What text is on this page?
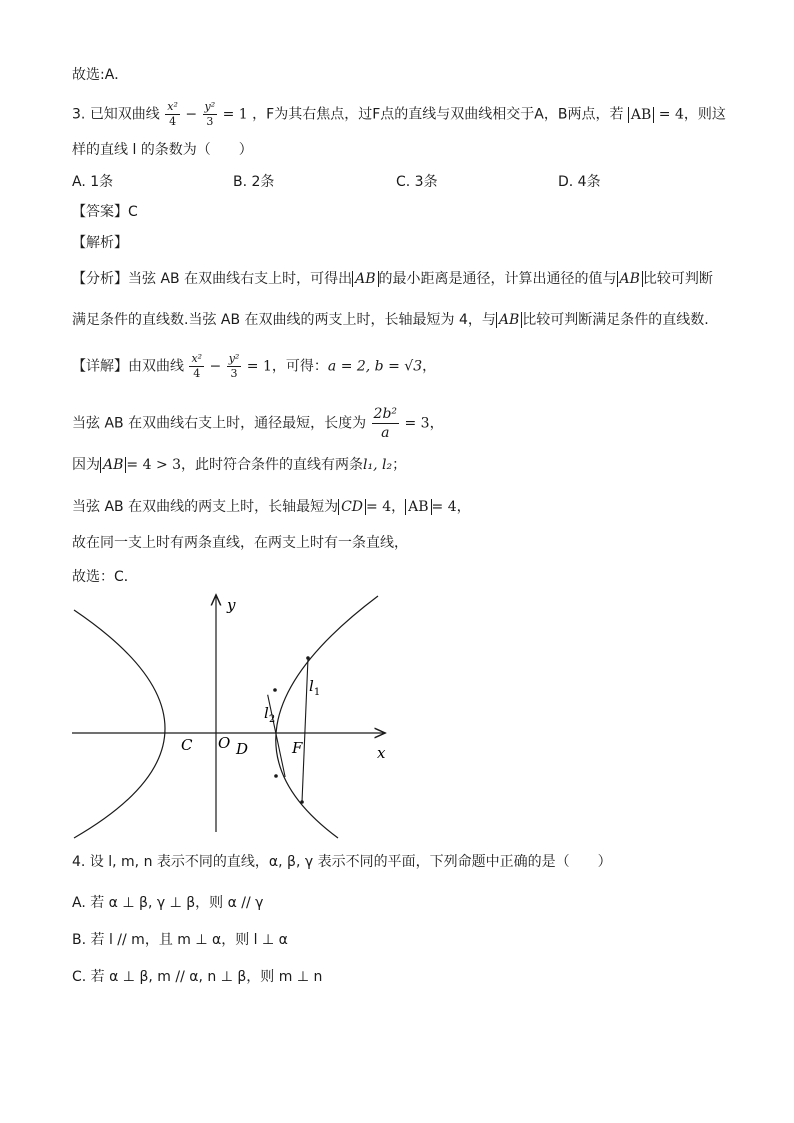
故选:A．
3. 已知双曲线 $\frac{\text{x²}}{4} - \frac{\text{y²}}{3} = 1$ ，F为其右焦点，过F点的直线与双曲线相交于A，B两点，若 AB = 4，则这
样的直线 l 的条数为（　　）
A. 1条	B. 2条	C. 3条	D. 4条
【答案】C
【解析】
【分析】当弦 AB 在双曲线右支上时，可得出 AB 的最小距离是通径，计算出通径的值与 AB 比较可判断
满足条件的直线数.当弦 AB 在双曲线的两支上时，长轴最短为 4，与 AB 比较可判断满足条件的直线数.
【详解】由双曲线 $\frac{\text{x²}}{4} - \frac{\text{y²}}{3} = 1$，可得：a = 2, b = √3，
当弦 AB 在双曲线右支上时，通径最短，长度为 $\frac{\text{2b²}}{a} = 3$，
因为 AB = 4 > 3，此时符合条件的直线有两条l₁, l₂；
当弦 AB 在双曲线的两支上时，长轴最短为 CD = 4， AB = 4，
故在同一支上时有两条直线，在两支上时有一条直线，
故选：C．
y
x
C O D	F
$l_1$
$l_2$
4. 设 l, m, n 表示不同的直线，α, β, γ 表示不同的平面，下列命题中正确的是（　　）
A. 若 α ⊥ β, γ ⊥ β，则 α // γ
B. 若 l // m，且 m ⊥ α，则 l ⊥ α
C. 若 α ⊥ β, m // α, n ⊥ β，则 m ⊥ n
